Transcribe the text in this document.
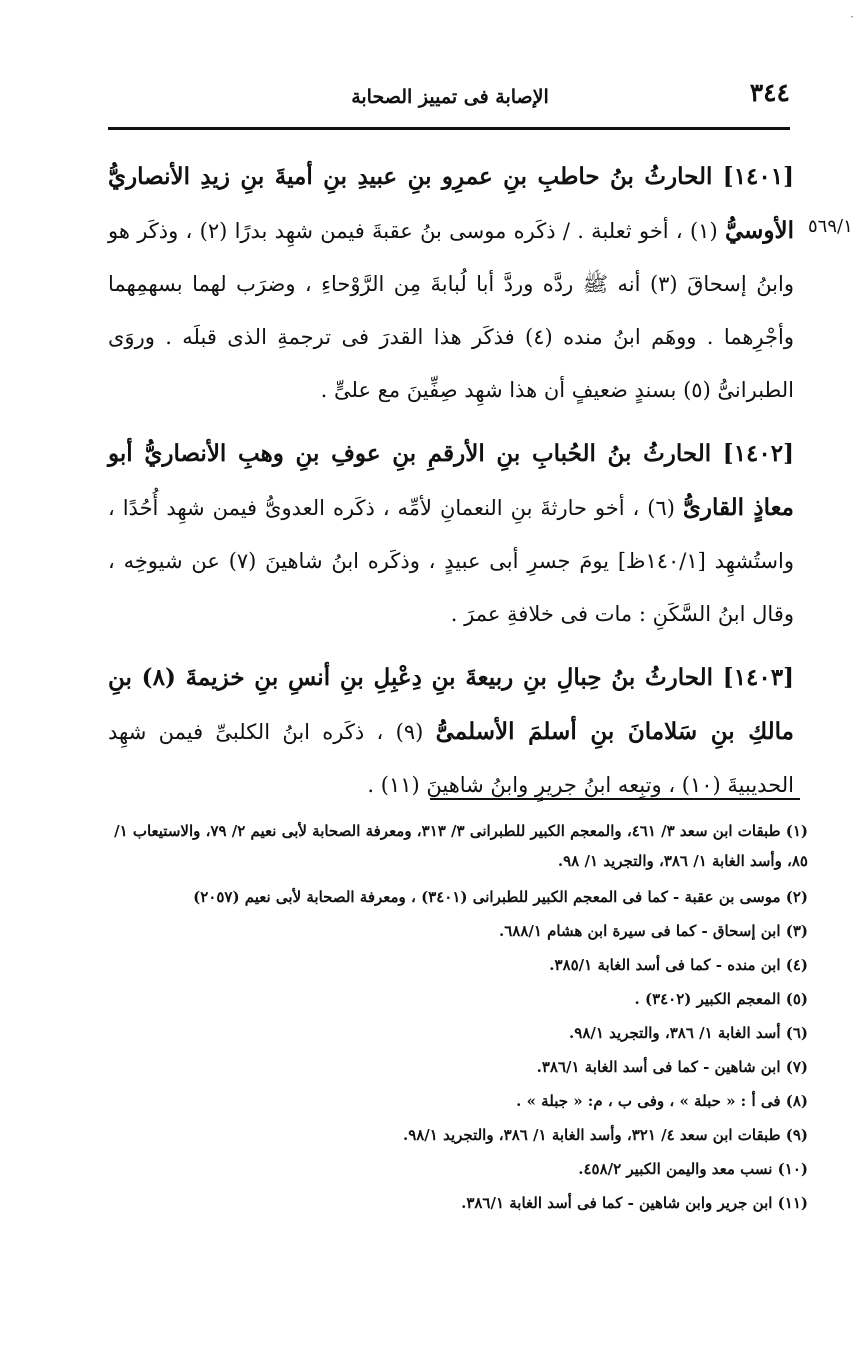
·
٣٤٤
الإصابة فى تمييز الصحابة
٥٦٩/١

[١٤٠١] الحارثُ بنُ حاطبِ بنِ عمرِو بنِ عبيدِ بنِ أميةَ بنِ زيدِ الأنصاريُّ الأوسيُّ (١) ، أخو ثعلبة . / ذكَره موسى بنُ عقبةَ فيمن شهِد بدرًا (٢) ، وذكَر هو وابنُ إسحاقَ (٣) أنه ﷺ ردَّه وردَّ أبا لُبابةَ مِن الرَّوْحاءِ ، وضرَب لهما بسهمِهما وأجْرِهما . ووهَم ابنُ منده (٤) فذكَر هذا القدرَ فى ترجمةِ الذى قبلَه . وروَى الطبرانىُّ (٥) بسندٍ ضعيفٍ أن هذا شهِد صِفِّينَ مع علىٍّ .

[١٤٠٢] الحارثُ بنُ الحُبابِ بنِ الأرقمِ بنِ عوفِ بنِ وهبِ الأنصاريُّ أبو معاذٍ القارىُّ (٦) ، أخو حارثةَ بنِ النعمانِ لأمِّه ، ذكَره العدوىُّ فيمن شهِد أُحُدًا ، واستُشهِد [١٤٠/١ظ] يومَ جسرِ أبى عبيدٍ ، وذكَره ابنُ شاهينَ (٧) عن شيوخِه ، وقال ابنُ السَّكَنِ : مات فى خلافةِ عمرَ .

[١٤٠٣] الحارثُ بنُ حِبالِ بنِ ربيعةَ بنِ دِعْبِلِ بنِ أنسِ بنِ خزيمةَ (٨) بنِ مالكِ بنِ سَلامانَ بنِ أسلمَ الأسلمىُّ (٩) ، ذكَره ابنُ الكلبىِّ فيمن شهِد الحديبيةَ (١٠) ، وتبِعه ابنُ جريرٍ وابنُ شاهينَ (١١) .

(١) طبقات ابن سعد ٣/ ٤٦١، والمعجم الكبير للطبرانى ٣/ ٣١٣، ومعرفة الصحابة لأبى نعيم ٢/ ٧٩، والاستيعاب ١/ ٨٥، وأسد الغابة ١/ ٣٨٦، والتجريد ١/ ٩٨.

(٢) موسى بن عقبة - كما فى المعجم الكبير للطبرانى (٣٤٠١) ، ومعرفة الصحابة لأبى نعيم (٢٠٥٧)

(٣) ابن إسحاق - كما فى سيرة ابن هشام ٦٨٨/١.

(٤) ابن منده - كما فى أسد الغابة ٣٨٥/١.

(٥) المعجم الكبير (٣٤٠٢) .

(٦) أسد الغابة ١/ ٣٨٦، والتجريد ٩٨/١.

(٧) ابن شاهين - كما فى أسد الغابة ٣٨٦/١.

(٨) فى أ : « حبلة » ، وفى ب ، م: « جبلة » .

(٩) طبقات ابن سعد ٤/ ٣٢١، وأسد الغابة ١/ ٣٨٦، والتجريد ٩٨/١.

(١٠) نسب معد واليمن الكبير ٤٥٨/٢.

(١١) ابن جرير وابن شاهين - كما فى أسد الغابة ٣٨٦/١.
